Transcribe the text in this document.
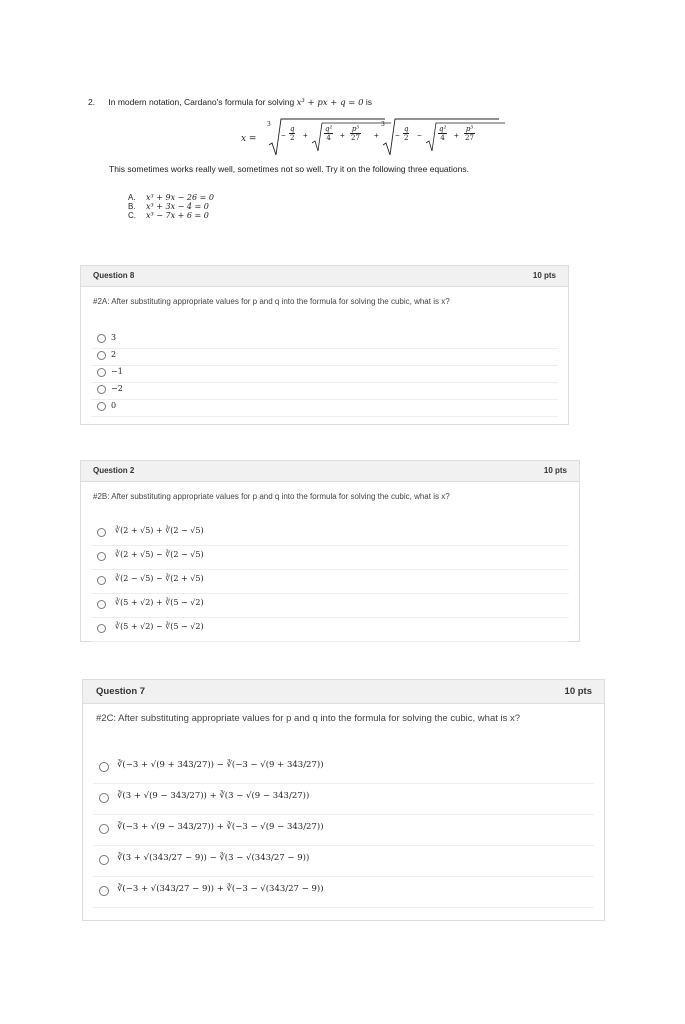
2. In modern notation, Cardano's formula for solving x³ + px + q = 0 is
x =
3
− $\frac{q}{2} + \frac{\text{q²}}{4} + \frac{\text{p³}}{27}$ +
3
− $\frac{q}{2} - \frac{\text{q²}}{4} + \frac{\text{p³}}{27}$
This sometimes works really well, sometimes not so well. Try it on the following three equations.
A. x³ + 9x − 26 = 0
B. x³ + 3x − 4 = 0
C. x³ − 7x + 6 = 0
Question 8	10 pts
#2A: After substituting appropriate values for p and q into the formula for solving the cubic, what is x?
3
2
−1
−2
0
Question 2	10 pts
#2B: After substituting appropriate values for p and q into the formula for solving the cubic, what is x?
∛(2 + √5) + ∛(2 − √5)
∛(2 + √5) − ∛(2 − √5)
∛(2 − √5) − ∛(2 + √5)
∛(5 + √2) + ∛(5 − √2)
∛(5 + √2) − ∛(5 − √2)
Question 7	10 pts
#2C: After substituting appropriate values for p and q into the formula for solving the cubic, what is x?
∛(−3 + √(9 + 343/27)) − ∛(−3 − √(9 + 343/27))
∛(3 + √(9 − 343/27)) + ∛(3 − √(9 − 343/27))
∛(−3 + √(9 − 343/27)) + ∛(−3 − √(9 − 343/27))
∛(3 + √(343/27 − 9)) − ∛(3 − √(343/27 − 9))
∛(−3 + √(343/27 − 9)) + ∛(−3 − √(343/27 − 9))
